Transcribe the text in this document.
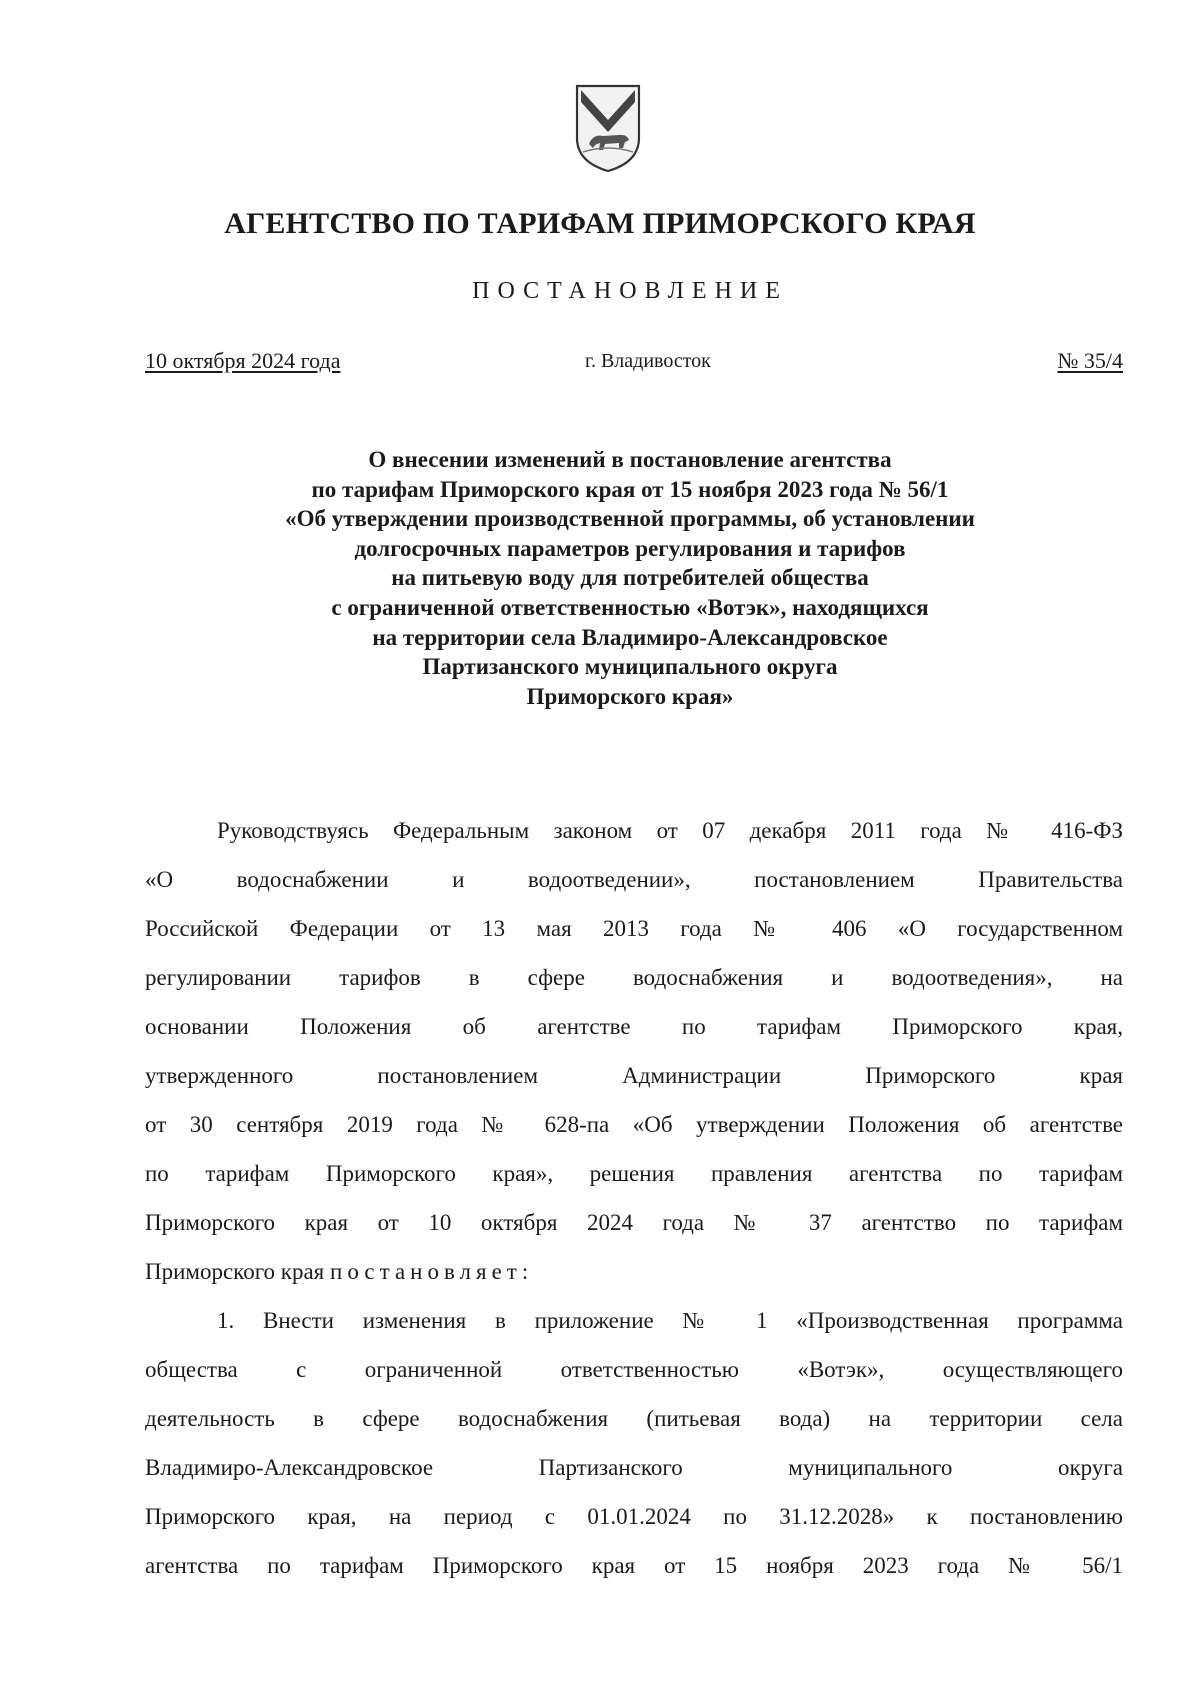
АГЕНТСТВО ПО ТАРИФАМ ПРИМОРСКОГО КРАЯ
ПОСТАНОВЛЕНИЕ
10 октября 2024 года	г. Владивосток	№ 35/4
О внесении изменений в постановление агентства
по тарифам Приморского края от 15 ноября 2023 года № 56/1
«Об утверждении производственной программы, об установлении
долгосрочных параметров регулирования и тарифов
на питьевую воду для потребителей общества
с ограниченной ответственностью «Вотэк», находящихся
на территории села Владимиро-Александровское
Партизанского муниципального округа
Приморского края»
Руководствуясь Федеральным законом от 07 декабря 2011 года № 416-ФЗ
«О водоснабжении и водоотведении», постановлением Правительства
Российской Федерации от 13 мая 2013 года № 406 «О государственном
регулировании тарифов в сфере водоснабжения и водоотведения», на
основании Положения об агентстве по тарифам Приморского края,
утвержденного постановлением Администрации Приморского края
от 30 сентября 2019 года № 628-па «Об утверждении Положения об агентстве
по тарифам Приморского края», решения правления агентства по тарифам
Приморского края от 10 октября 2024 года № 37 агентство по тарифам
Приморского края постановляет:
1. Внести изменения в приложение № 1 «Производственная программа
общества с ограниченной ответственностью «Вотэк», осуществляющего
деятельность в сфере водоснабжения (питьевая вода) на территории села
Владимиро-Александровское Партизанского муниципального округа
Приморского края, на период с 01.01.2024 по 31.12.2028» к постановлению
агентства по тарифам Приморского края от 15 ноября 2023 года № 56/1
